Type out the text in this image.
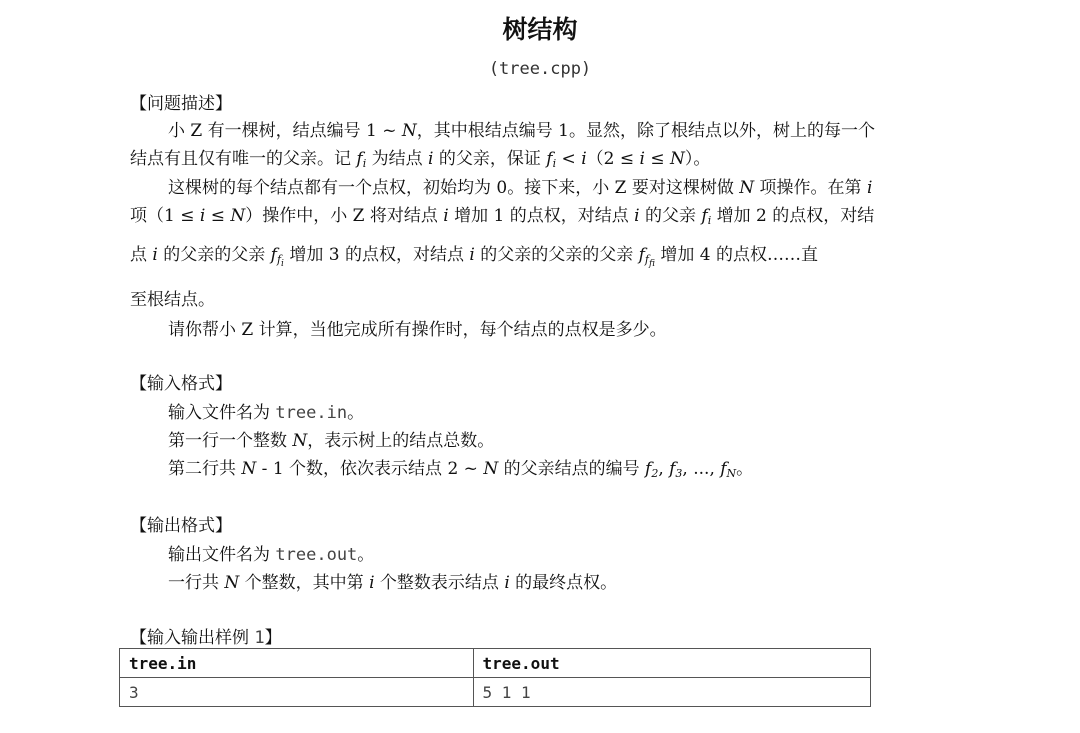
树结构
(tree.cpp)
【问题描述】
小 Z 有一棵树，结点编号 1 ~ N，其中根结点编号 1。显然，除了根结点以外，树上的每一个
结点有且仅有唯一的父亲。记 $f_i$ 为结点 i 的父亲，保证 $f_i < i(2 \le i \le N)$。
这棵树的每个结点都有一个点权，初始均为 0。接下来，小 Z 要对这棵树做 N 项操作。在第 i
项（1 ≤ i ≤ N）操作中，小 Z 将对结点 i 增加 1 的点权，对结点 i 的父亲 $f_i$ 增加 2 的点权，对结
点 i 的父亲的父亲 $f_{fi}$ 增加 3 的点权，对结点 i 的父亲的父亲的父亲 $f_{ffi}$ 增加 4 的点权……直
至根结点。
请你帮小 Z 计算，当他完成所有操作时，每个结点的点权是多少。
【输入格式】
输入文件名为 tree.in。
第一行一个整数 N，表示树上的结点总数。
第二行共 N - 1 个数，依次表示结点 2 ~ N 的父亲结点的编号 $f_2$, $f_3$, ..., $f_N$。
【输出格式】
输出文件名为 tree.out。
一行共 N 个整数，其中第 i 个整数表示结点 i 的最终点权。
【输入输出样例 1】
tree.in	tree.out
3	5 1 1
